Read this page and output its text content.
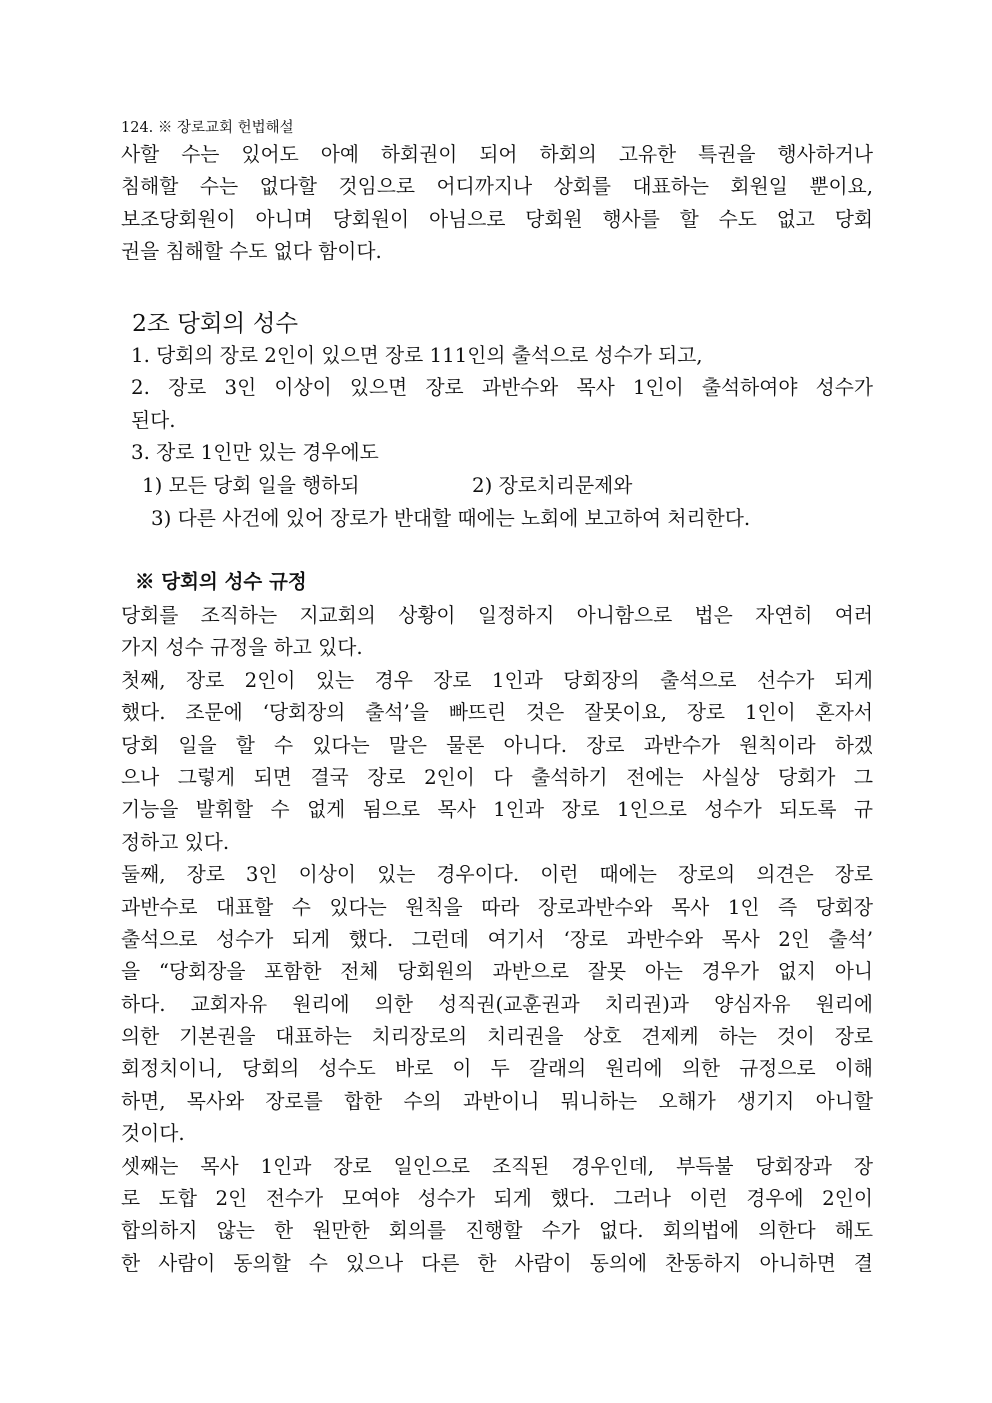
124. ※ 장로교회 헌법해설
사할 수는 있어도 아예 하회권이 되어 하회의 고유한 특권을 행사하거나
침해할 수는 없다할 것임으로 어디까지나 상회를 대표하는 회원일 뿐이요,
보조당회원이 아니며 당회원이 아님으로 당회원 행사를 할 수도 없고 당회
권을 침해할 수도 없다 함이다.
2조 당회의 성수
1. 당회의 장로 2인이 있으면 장로 111인의 출석으로 성수가 되고,
2. 장로 3인 이상이 있으면 장로 과반수와 목사 1인이 출석하여야 성수가
된다.
3. 장로 1인만 있는 경우에도
1) 모든 당회 일을 행하되	2) 장로치리문제와
3) 다른 사건에 있어 장로가 반대할 때에는 노회에 보고하여 처리한다.
※ 당회의 성수 규정
당회를 조직하는 지교회의 상황이 일정하지 아니함으로 법은 자연히 여러
가지 성수 규정을 하고 있다.
첫째, 장로 2인이 있는 경우 장로 1인과 당회장의 출석으로 선수가 되게
했다. 조문에 ‘당회장의 출석’을 빠뜨린 것은 잘못이요, 장로 1인이 혼자서
당회 일을 할 수 있다는 말은 물론 아니다. 장로 과반수가 원칙이라 하겠
으나 그렇게 되면 결국 장로 2인이 다 출석하기 전에는 사실상 당회가 그
기능을 발휘할 수 없게 됨으로 목사 1인과 장로 1인으로 성수가 되도록 규
정하고 있다.
둘째, 장로 3인 이상이 있는 경우이다. 이런 때에는 장로의 의견은 장로
과반수로 대표할 수 있다는 원칙을 따라 장로과반수와 목사 1인 즉 당회장
출석으로 성수가 되게 했다. 그런데 여기서 ‘장로 과반수와 목사 2인 출석’
을 “당회장을 포함한 전체 당회원의 과반으로 잘못 아는 경우가 없지 아니
하다. 교회자유 원리에 의한 성직권(교훈권과 치리권)과 양심자유 원리에
의한 기본권을 대표하는 치리장로의 치리권을 상호 견제케 하는 것이 장로
회정치이니, 당회의 성수도 바로 이 두 갈래의 원리에 의한 규정으로 이해
하면, 목사와 장로를 합한 수의 과반이니 뭐니하는 오해가 생기지 아니할
것이다.
셋째는 목사 1인과 장로 일인으로 조직된 경우인데, 부득불 당회장과 장
로 도합 2인 전수가 모여야 성수가 되게 했다. 그러나 이런 경우에 2인이
합의하지 않는 한 원만한 회의를 진행할 수가 없다. 회의법에 의한다 해도
한 사람이 동의할 수 있으나 다른 한 사람이 동의에 찬동하지 아니하면 결
